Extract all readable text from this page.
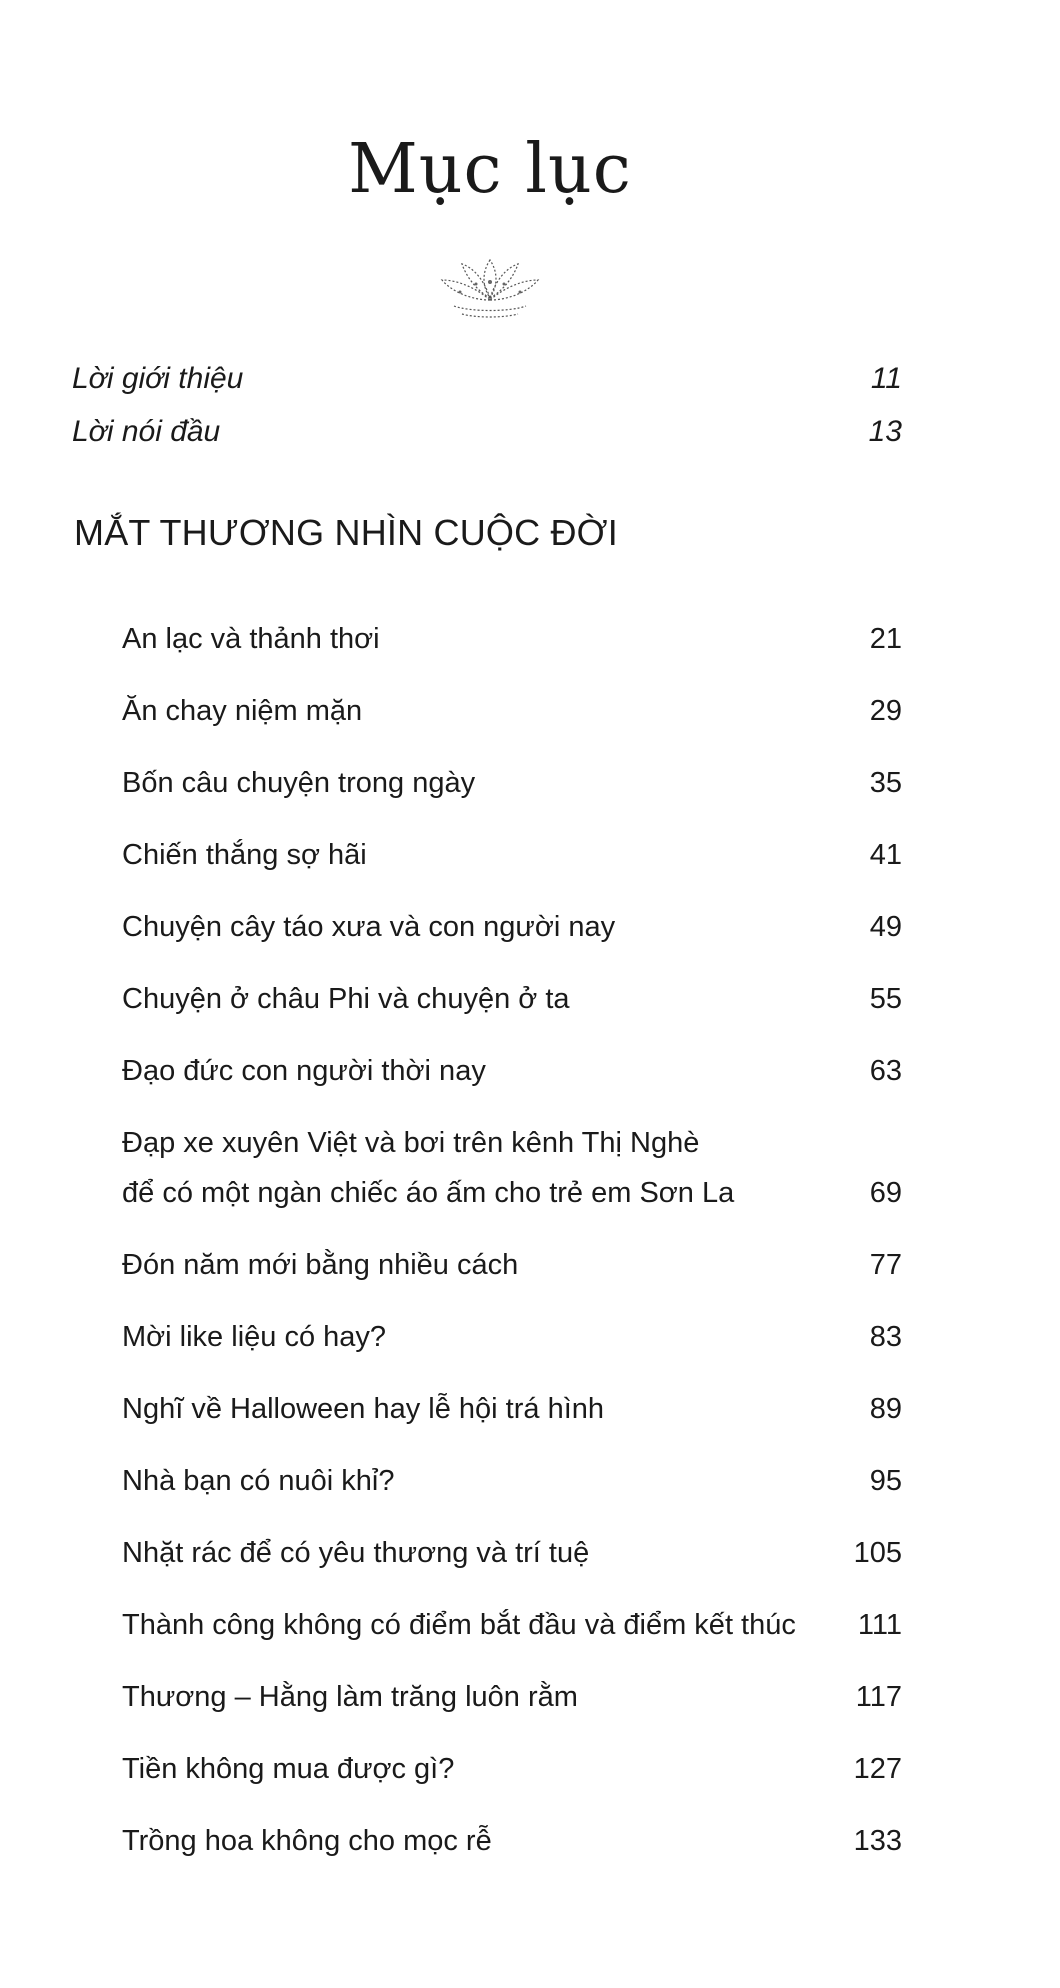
Mục lục
Lời giới thiệu	11
Lời nói đầu	13
MẮT THƯƠNG NHÌN CUỘC ĐỜI
An lạc và thảnh thơi	21
Ăn chay niệm mặn	29
Bốn câu chuyện trong ngày	35
Chiến thắng sợ hãi	41
Chuyện cây táo xưa và con người nay	49
Chuyện ở châu Phi và chuyện ở ta	55
Đạo đức con người thời nay	63
Đạp xe xuyên Việt và bơi trên kênh Thị Nghè
để có một ngàn chiếc áo ấm cho trẻ em Sơn La	69
Đón năm mới bằng nhiều cách	77
Mời like liệu có hay?	83
Nghĩ về Halloween hay lễ hội trá hình	89
Nhà bạn có nuôi khỉ?	95
Nhặt rác để có yêu thương và trí tuệ	105
Thành công không có điểm bắt đầu và điểm kết thúc	111
Thương – Hằng làm trăng luôn rằm	117
Tiền không mua được gì?	127
Trồng hoa không cho mọc rễ	133
